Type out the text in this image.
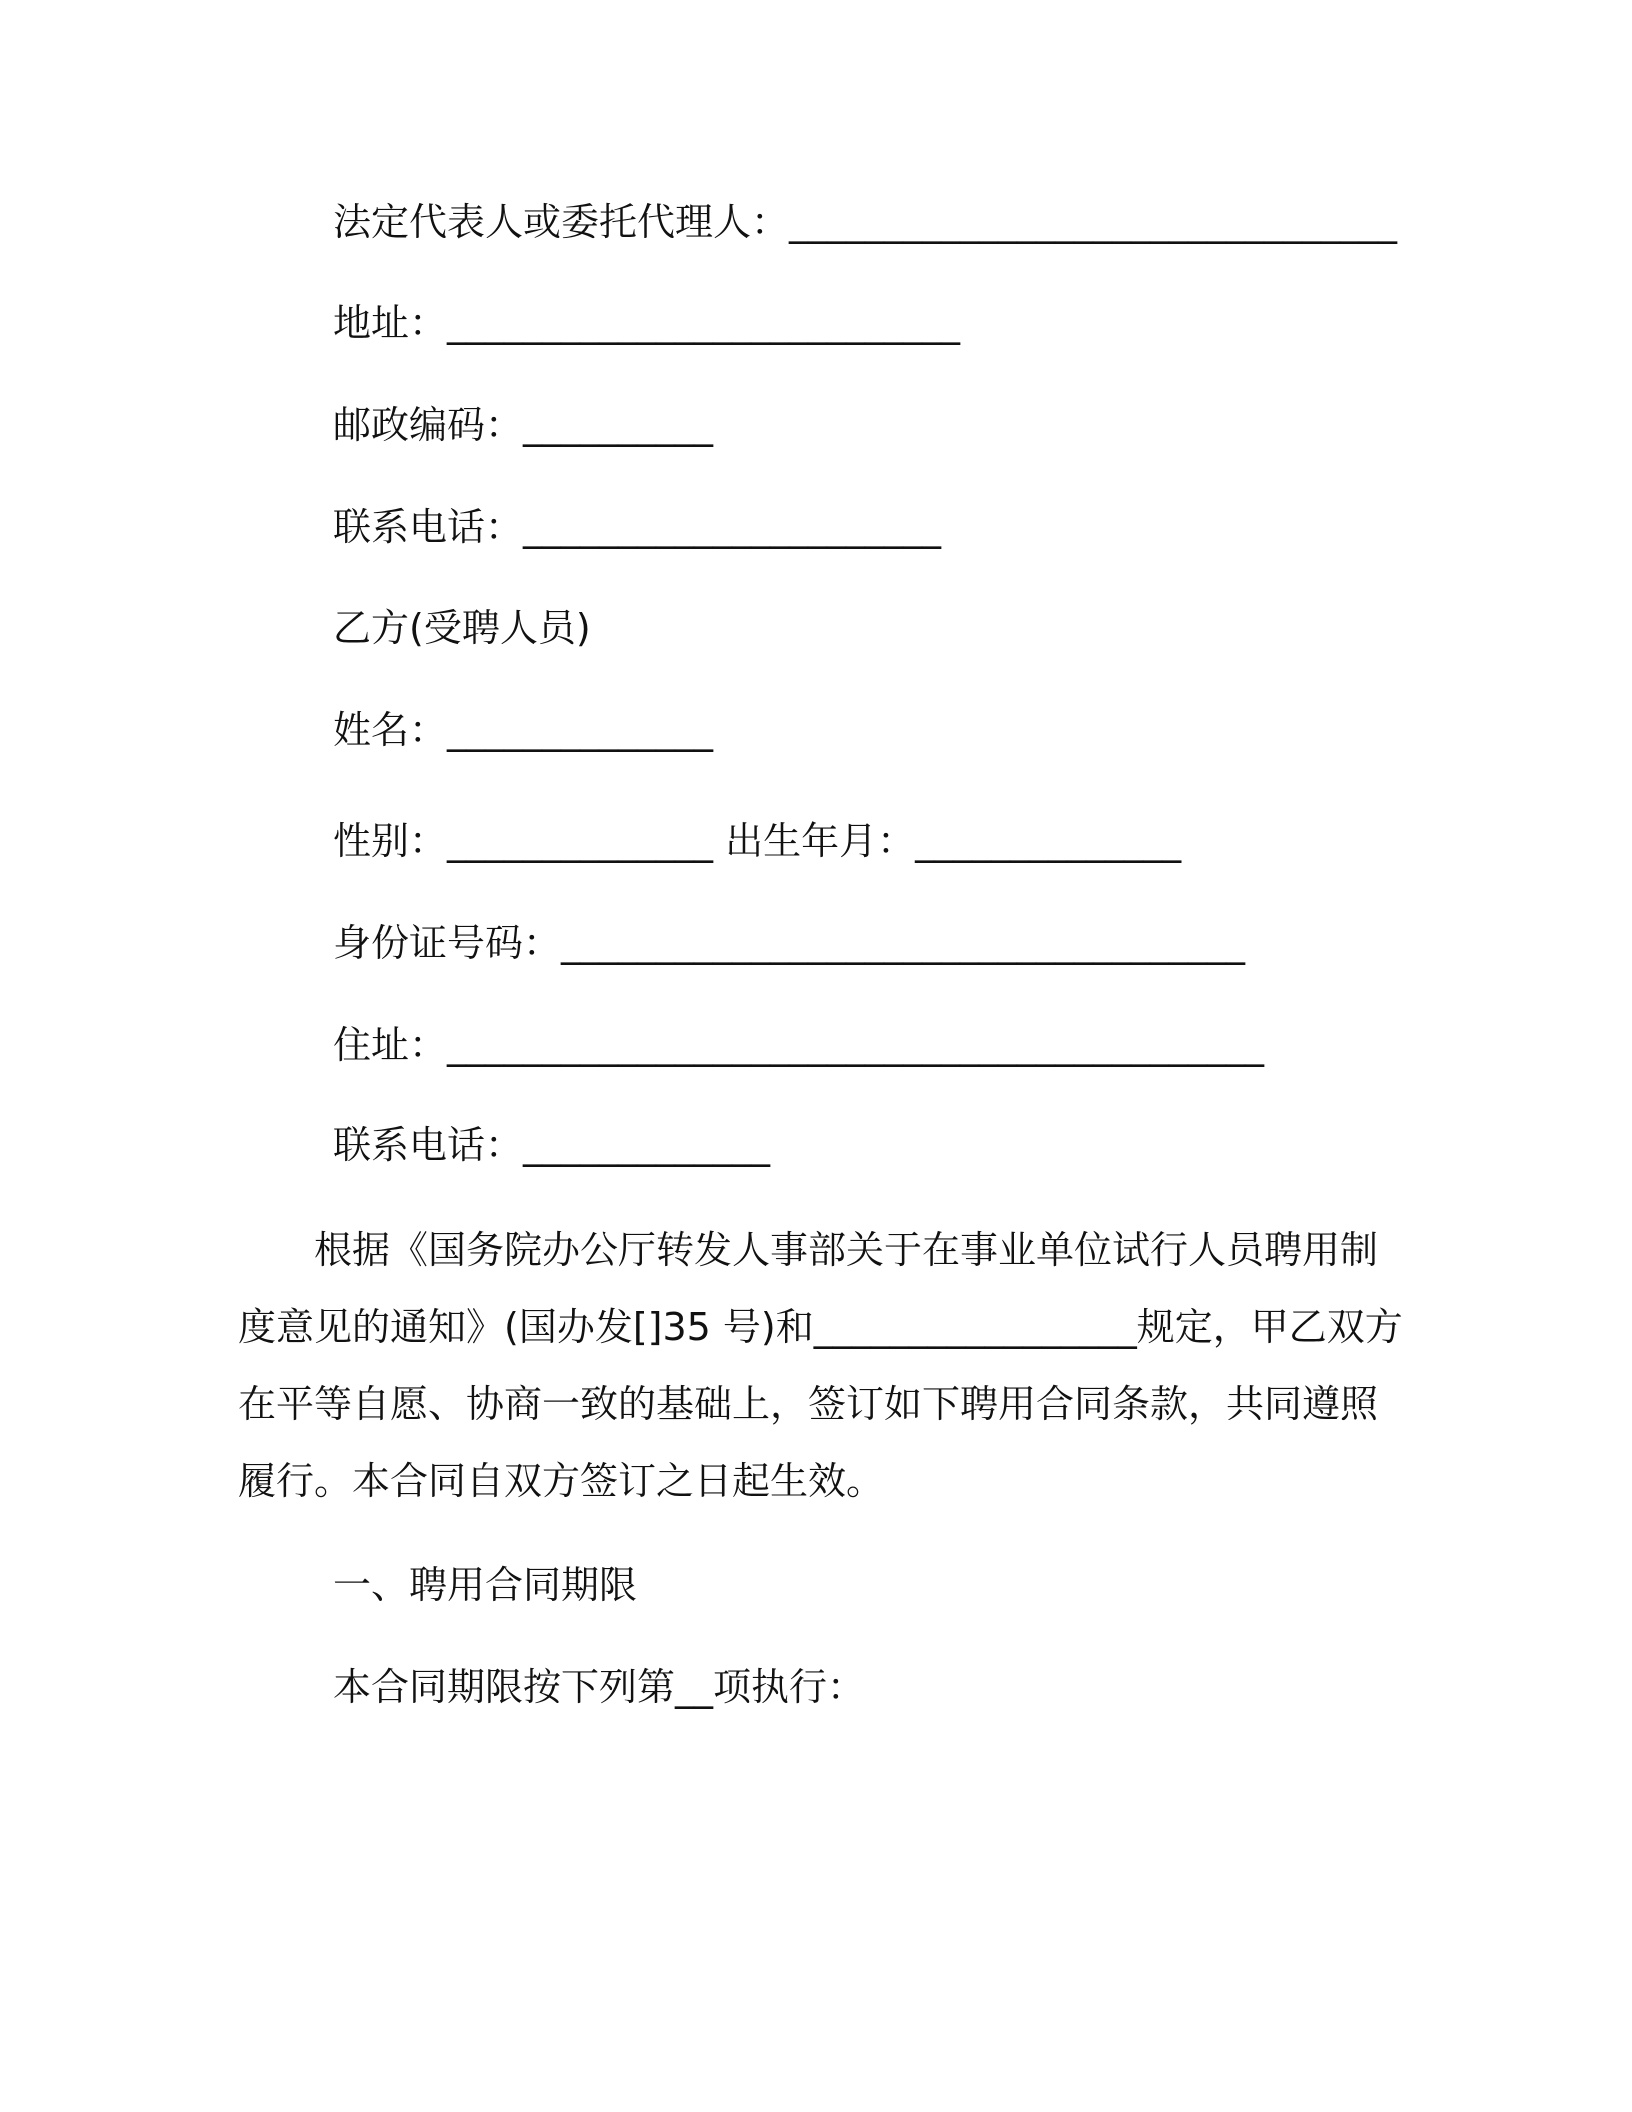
法定代表人或委托代理人：________________________________
地址：___________________________
邮政编码：__________
联系电话：______________________
乙方(受聘人员)
姓名：______________
性别：______________ 出生年月：______________
身份证号码：____________________________________
住址：___________________________________________
联系电话：_____________
　　根据《国务院办公厅转发人事部关于在事业单位试行人员聘用制
度意见的通知》(国办发[]35 号)和_________________规定，甲乙双方
在平等自愿、协商一致的基础上，签订如下聘用合同条款，共同遵照
履行。本合同自双方签订之日起生效。
一、聘用合同期限
本合同期限按下列第__项执行：
